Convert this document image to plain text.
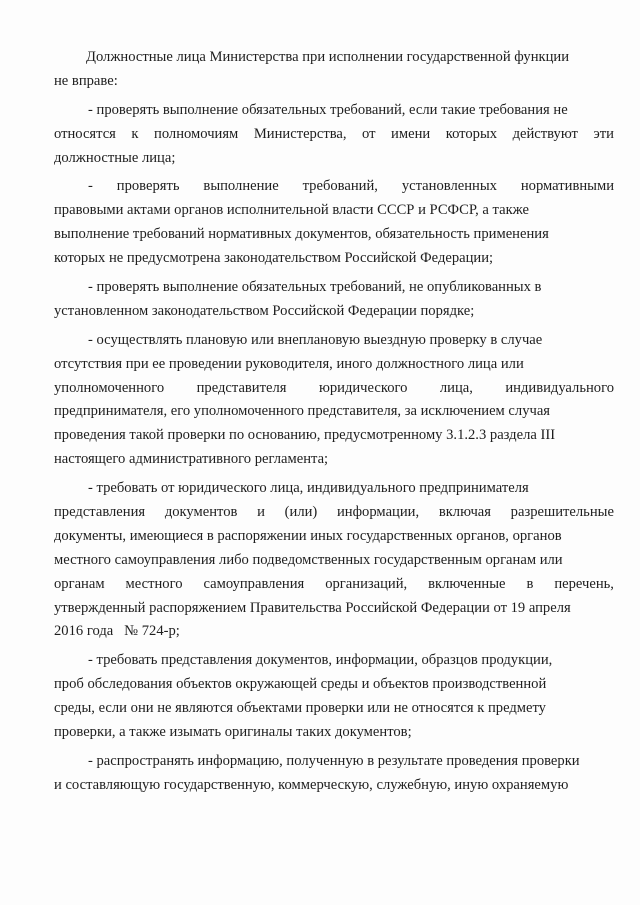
Должностные лица Министерства при исполнении государственной функции
не вправе:
- проверять выполнение обязательных требований, если такие требования не
относятся к полномочиям Министерства, от имени которых действуют эти
должностные лица;
- проверять выполнение требований, установленных нормативными
правовыми актами органов исполнительной власти СССР и РСФСР, а также
выполнение требований нормативных документов, обязательность применения
которых не предусмотрена законодательством Российской Федерации;
- проверять выполнение обязательных требований, не опубликованных в
установленном законодательством Российской Федерации порядке;
- осуществлять плановую или внеплановую выездную проверку в случае
отсутствия при ее проведении руководителя, иного должностного лица или
уполномоченного представителя юридического лица, индивидуального
предпринимателя, его уполномоченного представителя, за исключением случая
проведения такой проверки по основанию, предусмотренному 3.1.2.3 раздела III
настоящего административного регламента;
- требовать от юридического лица, индивидуального предпринимателя
представления документов и (или) информации, включая разрешительные
документы, имеющиеся в распоряжении иных государственных органов, органов
местного самоуправления либо подведомственных государственным органам или
органам местного самоуправления организаций, включенные в перечень,
утвержденный распоряжением Правительства Российской Федерации от 19 апреля
2016 года   № 724-р;
- требовать представления документов, информации, образцов продукции,
проб обследования объектов окружающей среды и объектов производственной
среды, если они не являются объектами проверки или не относятся к предмету
проверки, а также изымать оригиналы таких документов;
- распространять информацию, полученную в результате проведения проверки
и составляющую государственную, коммерческую, служебную, иную охраняемую
